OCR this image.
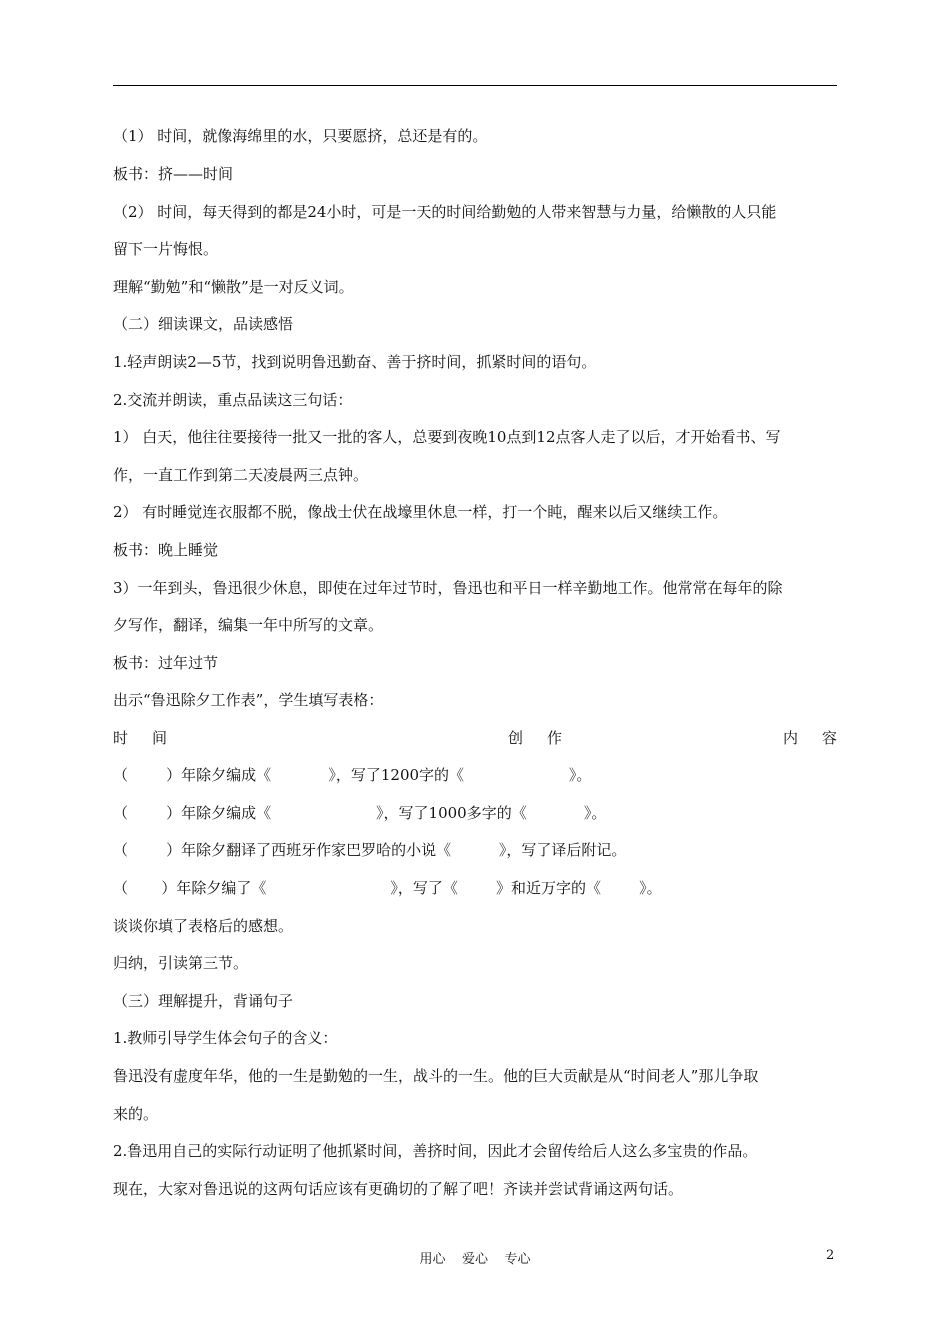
（1） 时间，就像海绵里的水，只要愿挤，总还是有的。
板书：挤——时间
（2） 时间，每天得到的都是24小时，可是一天的时间给勤勉的人带来智慧与力量，给懒散的人只能
留下一片悔恨。
理解“勤勉”和“懒散”是一对反义词。
（二）细读课文，品读感悟
1.轻声朗读2—5节，找到说明鲁迅勤奋、善于挤时间，抓紧时间的语句。
2.交流并朗读，重点品读这三句话：
1） 白天，他往往要接待一批又一批的客人，总要到夜晚10点到12点客人走了以后，才开始看书、写
作，一直工作到第二天凌晨两三点钟。
2） 有时睡觉连衣服都不脱，像战士伏在战壕里休息一样，打一个盹，醒来以后又继续工作。
板书：晚上睡觉
3）一年到头，鲁迅很少休息，即使在过年过节时，鲁迅也和平日一样辛勤地工作。他常常在每年的除
夕写作，翻译，编集一年中所写的文章。
板书：过年过节
出示“鲁迅除夕工作表”，学生填写表格：
时 间	创 作	内 容
（        ）年除夕编成《            》，写了1200字的《                      》。
（        ）年除夕编成《                      》，写了1000多字的《            》。
（        ）年除夕翻译了西班牙作家巴罗哈的小说《          》，写了译后附记。
（       ）年除夕编了《                          》，写了《        》和近万字的《        》。
谈谈你填了表格后的感想。
归纳，引读第三节。
（三）理解提升，背诵句子
1.教师引导学生体会句子的含义：
鲁迅没有虚度年华，他的一生是勤勉的一生，战斗的一生。他的巨大贡献是从“时间老人”那儿争取
来的。
2.鲁迅用自己的实际行动证明了他抓紧时间，善挤时间，因此才会留传给后人这么多宝贵的作品。
现在，大家对鲁迅说的这两句话应该有更确切的了解了吧！齐读并尝试背诵这两句话。
用心    爱心    专心	2
